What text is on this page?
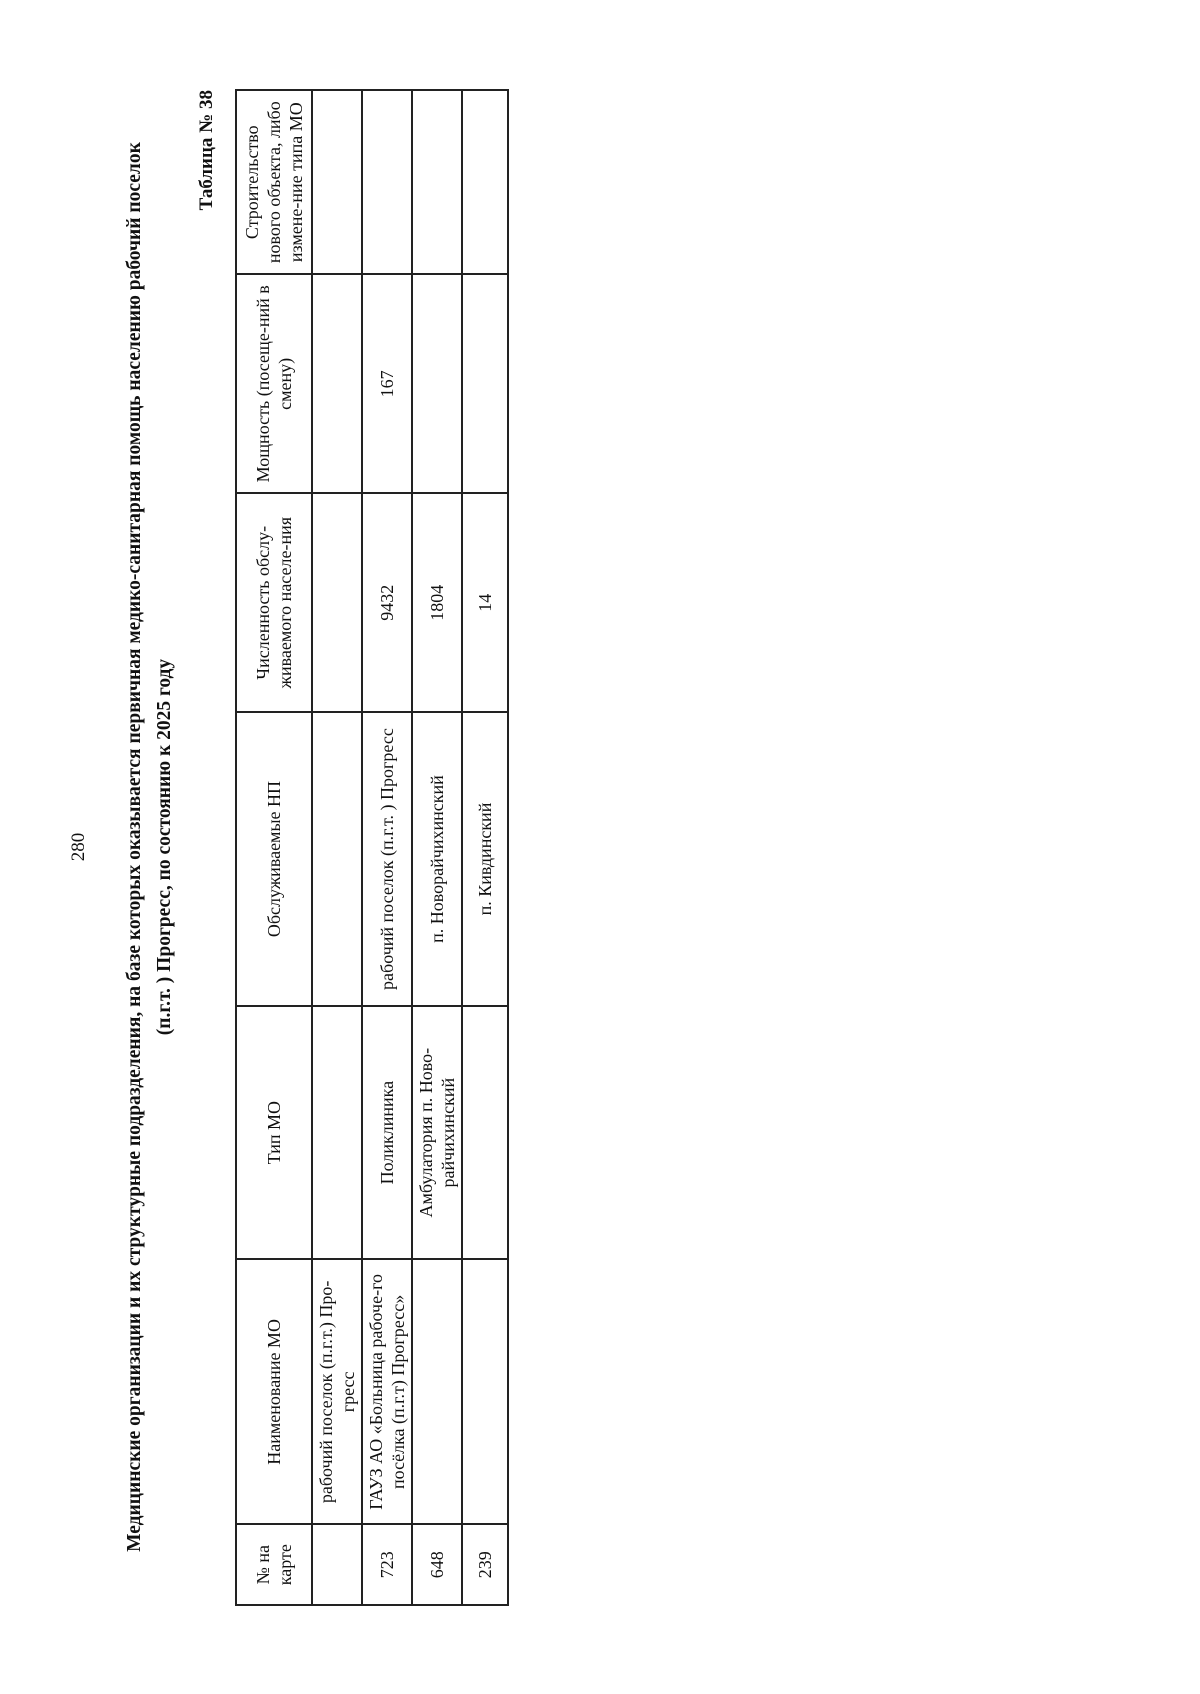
280 Медицинские организации и их структурные подразделения, на базе которых оказывается первичная медико-санитарная помощь населению рабочий поселок (п.г.т. ) Прогресс, по состоянию к 2025 году
Таблица № 38
№ на карте	Наименование МО	Тип МО	Обслуживаемые НП	Численность обслу-живаемого населе-ния	Мощность (посеще-ний в смену)	Строительство нового объекта, либо измене-ние типа МО
	рабочий поселок (п.г.т.) Про-гресс					
723	ГАУЗ АО «Больница рабоче-го посёлка (п.г.т) Прогресс»	Поликлиника	рабочий поселок (п.г.т. ) Прогресс	9432	167	
648		Амбулатория п. Ново-райчихинский	п. Новорайчихинский	1804		
239			п. Кивдинский	14		
